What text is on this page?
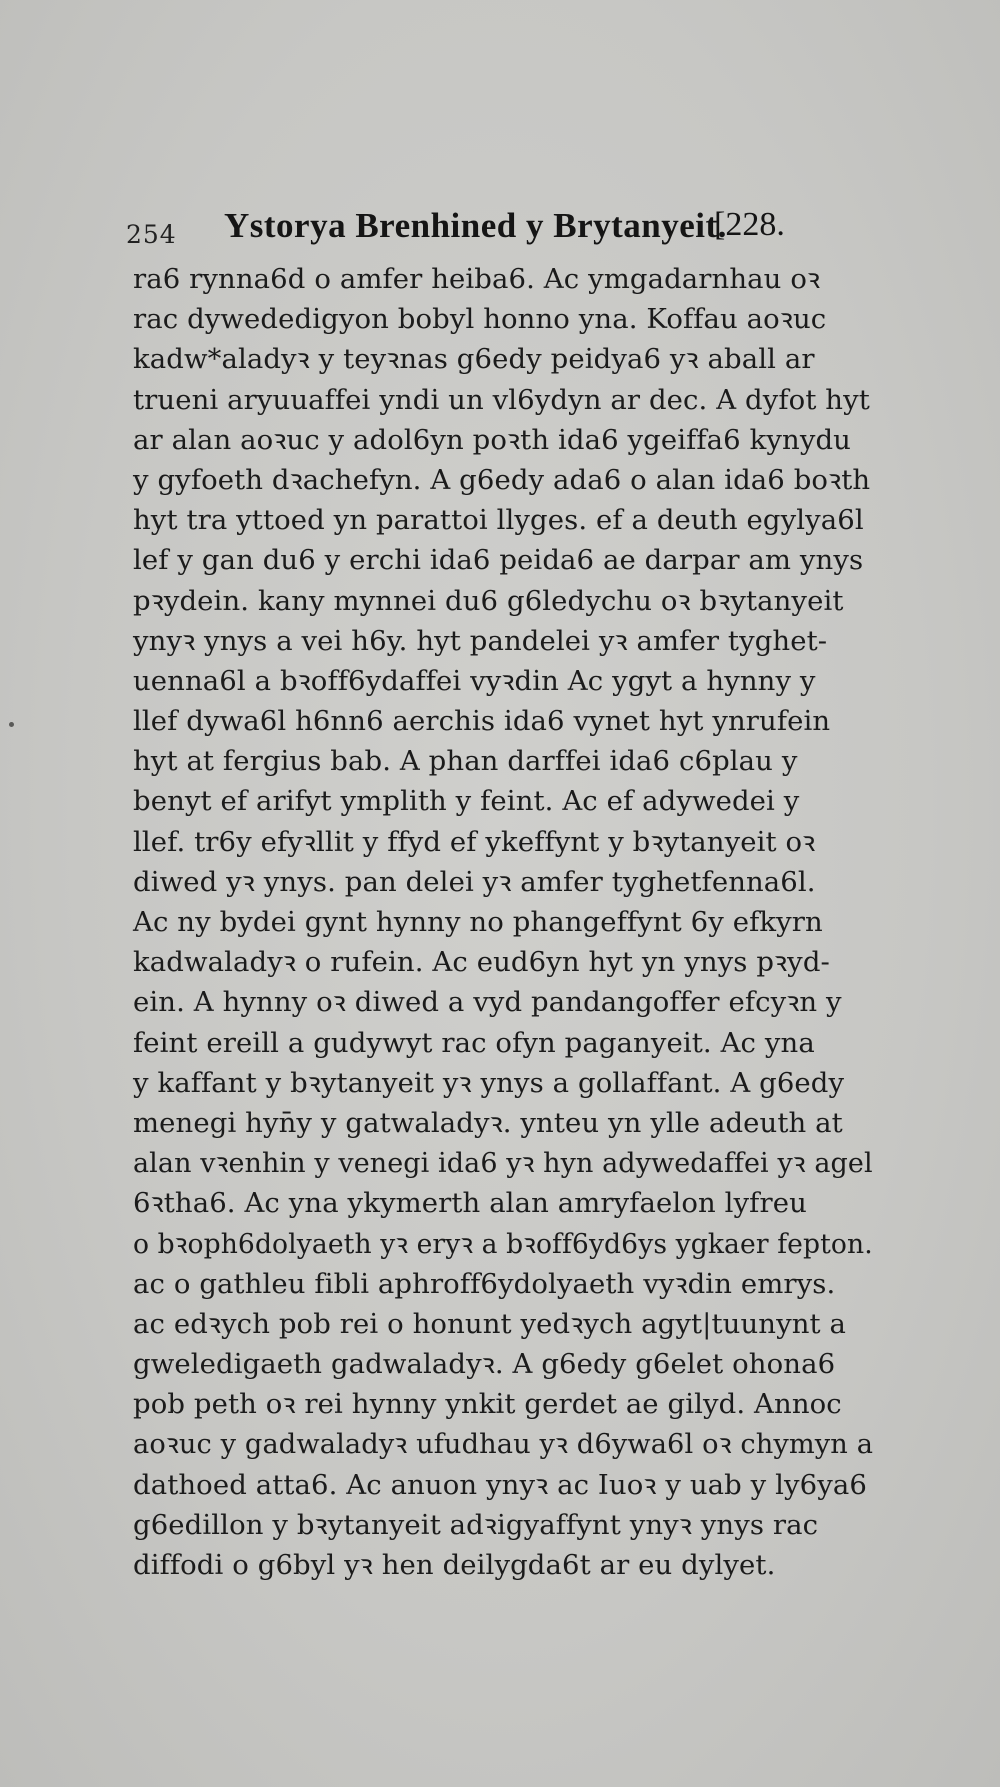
254 Ystorya Brenhined y Brytanyeit.
[228.
ra6 rynna6d o amfer heiba6. Ac ymgadarnhau oꝛ
rac dywededigyon bobyl honno yna. Koffau aoꝛuc
kadw*aladyꝛ y teyꝛnas g6edy peidya6 yꝛ aball ar
trueni aryuuaffei yndi un vl6ydyn ar dec. A dyfot hyt
ar alan aoꝛuc y adol6yn poꝛth ida6 ygeiffa6 kynydu
y gyfoeth dꝛachefyn. A g6edy ada6 o alan ida6 boꝛth
hyt tra yttoed yn parattoi llyges. ef a deuth egylya6l
lef y gan du6 y erchi ida6 peida6 ae darpar am ynys
pꝛydein. kany mynnei du6 g6ledychu oꝛ bꝛytanyeit
ynyꝛ ynys a vei h6y. hyt pandelei yꝛ amfer tyghet-
uenna6l a bꝛoff6ydaffei vyꝛdin Ac ygyt a hynny y
llef dywa6l h6nn6 aerchis ida6 vynet hyt ynrufein
hyt at fergius bab. A phan darffei ida6 c6plau y
benyt ef arifyt ymplith y feint. Ac ef adywedei y
llef. tr6y efyꝛllit y ffyd ef ykeffynt y bꝛytanyeit oꝛ
diwed yꝛ ynys. pan delei yꝛ amfer tyghetfenna6l.
Ac ny bydei gynt hynny no phangeffynt 6y efkyrn
kadwaladyꝛ o rufein. Ac eud6yn hyt yn ynys pꝛyd-
ein. A hynny oꝛ diwed a vyd pandangoffer efcyꝛn y
feint ereill a gudywyt rac ofyn paganyeit. Ac yna
y kaffant y bꝛytanyeit yꝛ ynys a gollaffant. A g6edy
menegi hyn̄y y gatwaladyꝛ. ynteu yn ylle adeuth at
alan vꝛenhin y venegi ida6 yꝛ hyn adywedaffei yꝛ agel
6ꝛtha6. Ac yna ykymerth alan amryfaelon lyfreu
o bꝛoph6dolyaeth yꝛ eryꝛ a bꝛoff6yd6ys ygkaer fepton.
ac o gathleu fibli aphroff6ydolyaeth vyꝛdin emrys.
ac edꝛych pob rei o honunt yedꝛych agyt|tuunynt a
gweledigaeth gadwaladyꝛ. A g6edy g6elet ohona6
pob peth oꝛ rei hynny ynkit gerdet ae gilyd. Annoc
aoꝛuc y gadwaladyꝛ ufudhau yꝛ d6ywa6l oꝛ chymyn a
dathoed atta6. Ac anuon ynyꝛ ac Iuoꝛ y uab y ly6ya6
g6edillon y bꝛytanyeit adꝛigyaffynt ynyꝛ ynys rac
diffodi o g6byl yꝛ hen deilygda6t ar eu dylyet.
